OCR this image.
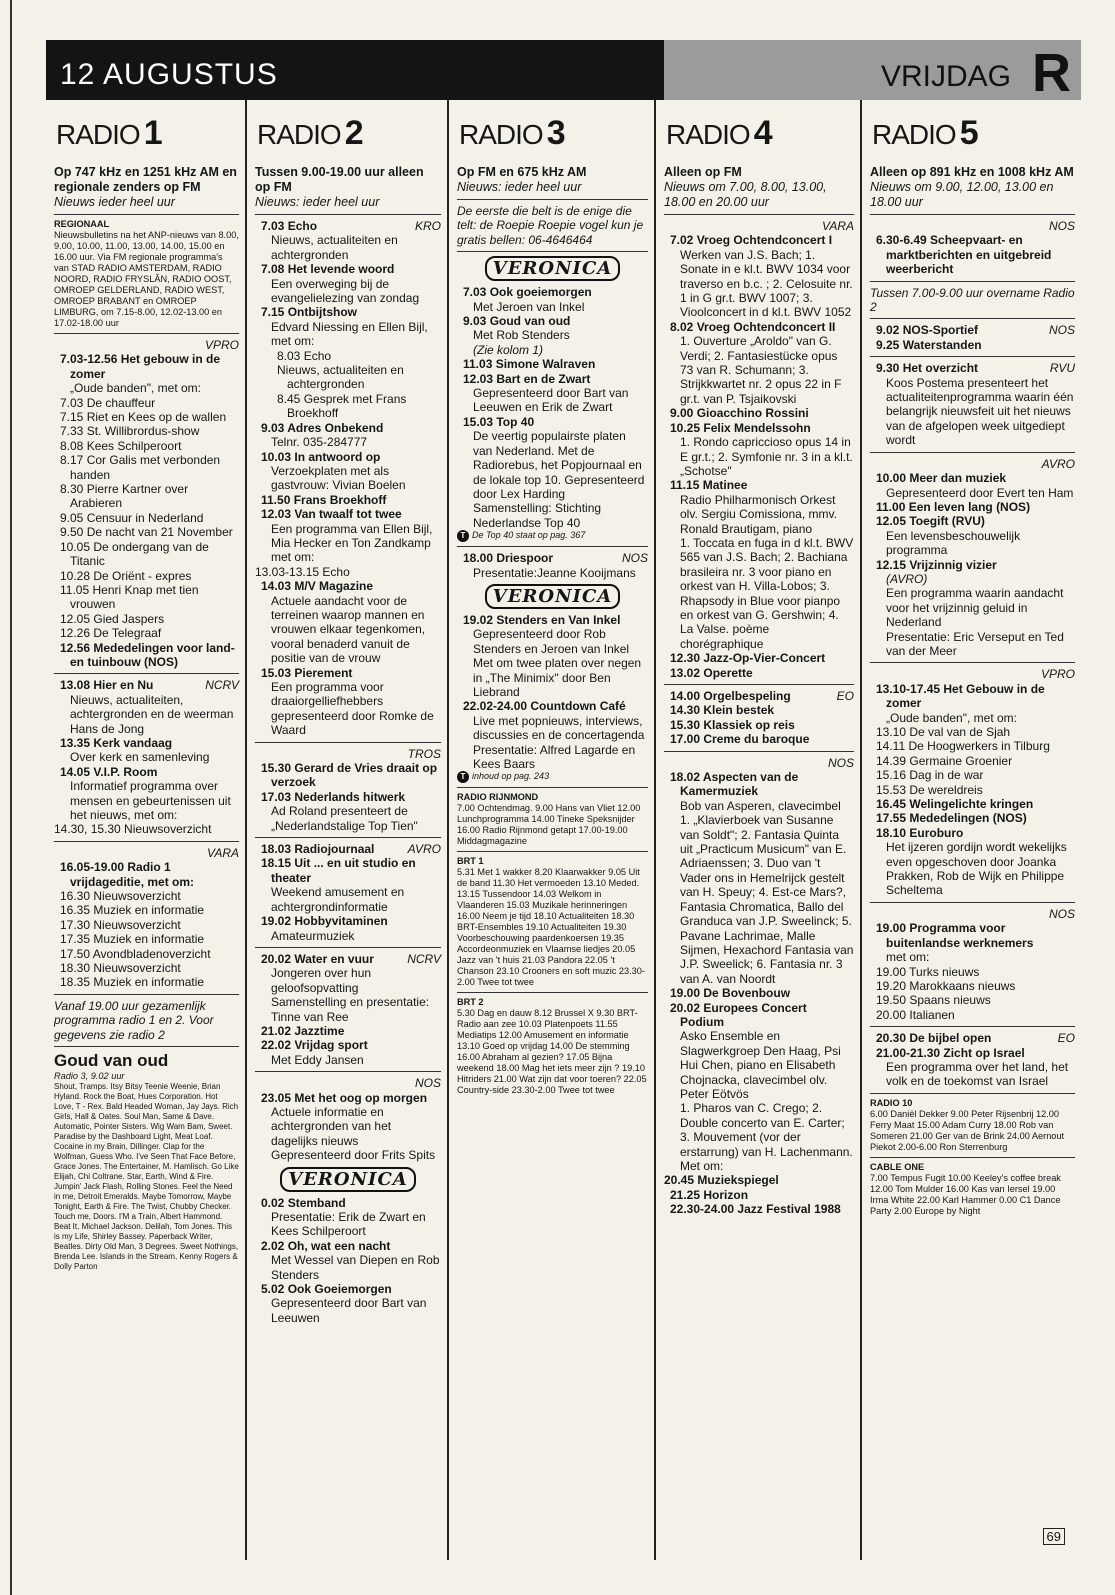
12 AUGUSTUS	VRIJDAG R
RADIO 1
Op 747 kHz en 1251 kHz AM en regionale zenders op FM
Nieuws ieder heel uur
REGIONAAL
Nieuwsbulletins na het ANP-nieuws van 8.00, 9.00, 10.00, 11.00, 13.00, 14.00, 15.00 en 16.00 uur. Via FM regionale programma's van STAD RADIO AMSTERDAM, RADIO NOORD, RADIO FRYSLÂN, RADIO OOST, OMROEP GELDERLAND, RADIO WEST, OMROEP BRABANT en OMROEP LIMBURG, om 7.15-8.00, 12.02-13.00 en 17.02-18.00 uur
VPRO
7.03-12.56 Het gebouw in de zomer
„Oude banden", met om:
7.03 De chauffeur
7.15 Riet en Kees op de wallen
7.33 St. Willibrordus-show
8.08 Kees Schilperoort
8.17 Cor Galis met verbonden handen
8.30 Pierre Kartner over Arabieren
9.05 Censuur in Nederland
9.50 De nacht van 21 November
10.05 De ondergang van de Titanic
10.28 De Oriënt - expres
11.05 Henri Knap met tien vrouwen
12.05 Gied Jaspers
12.26 De Telegraaf
12.56 Mededelingen voor land- en tuinbouw (NOS)
13.08 Hier en Nu	NCRV
Nieuws, actualiteiten, achtergronden en de weerman Hans de Jong
13.35 Kerk vandaag
Over kerk en samenleving
14.05 V.I.P. Room
Informatief programma over mensen en gebeurtenissen uit het nieuws, met om:
14.30, 15.30 Nieuwsoverzicht
VARA
16.05-19.00 Radio 1 vrijdageditie, met om:
16.30 Nieuwsoverzicht
16.35 Muziek en informatie
17.30 Nieuwsoverzicht
17.35 Muziek en informatie
17.50 Avondbladenoverzicht
18.30 Nieuwsoverzicht
18.35 Muziek en informatie
Vanaf 19.00 uur gezamenlijk programma radio 1 en 2. Voor gegevens zie radio 2
Goud van oud
Radio 3, 9.02 uur
Shout, Tramps. Itsy Bitsy Teenie Weenie, Brian Hyland. Rock the Boat, Hues Corporation. Hot Love, T - Rex. Bald Headed Woman, Jay Jays. Rich Girls, Hall & Oates. Soul Man, Same & Dave. Automatic, Pointer Sisters. Wig Wam Bam, Sweet. Paradise by the Dashboard Light, Meat Loaf. Cocaine in my Brain, Dillinger. Clap for the Wolfman, Guess Who. I've Seen That Face Before, Grace Jones. The Entertainer, M. Hamlisch. Go Like Elijah, Chi Coltrane. Star, Earth, Wind & Fire. Jumpin' Jack Flash, Rolling Stones. Feel the Need in me, Detroit Emeralds. Maybe Tomorrow, Maybe Tonight, Earth & Fire. The Twist, Chubby Checker. Touch me, Doors. I'M a Train, Albert Hammond. Beat It, Michael Jackson. Delilah, Tom Jones. This is my Life, Shirley Bassey. Paperback Writer, Beatles. Dirty Old Man, 3 Degrees. Sweet Nothings, Brenda Lee. Islands in the Stream, Kenny Rogers & Dolly Parton
RADIO 2
Tussen 9.00-19.00 uur alleen op FM
Nieuws: ieder heel uur
7.03 Echo	KRO
Nieuws, actualiteiten en achtergronden
7.08 Het levende woord
Een overweging bij de evangelielezing van zondag
7.15 Ontbijtshow
Edvard Niessing en Ellen Bijl, met om:
8.03 Echo
Nieuws, actualiteiten en achtergronden
8.45 Gesprek met Frans Broekhoff
9.03 Adres Onbekend
Telnr. 035-284777
10.03 In antwoord op
Verzoekplaten met als gastvrouw: Vivian Boelen
11.50 Frans Broekhoff
12.03 Van twaalf tot twee
Een programma van Ellen Bijl, Mia Hecker en Ton Zandkamp
met om:
13.03-13.15 Echo
14.03 M/V Magazine
Actuele aandacht voor de terreinen waarop mannen en vrouwen elkaar tegenkomen, vooral benaderd vanuit de positie van de vrouw
15.03 Pierement
Een programma voor draaiorgelliefhebbers gepresenteerd door Romke de Waard
TROS
15.30 Gerard de Vries draait op verzoek
17.03 Nederlands hitwerk
Ad Roland presenteert de „Nederlandstalige Top Tien"
18.03 Radiojournaal	AVRO
18.15 Uit ... en uit studio en theater
Weekend amusement en achtergrondinformatie
19.02 Hobbyvitaminen
Amateurmuziek
20.02 Water en vuur	NCRV
Jongeren over hun geloofsopvatting
Samenstelling en presentatie: Tinne van Ree
21.02 Jazztime
22.02 Vrijdag sport
Met Eddy Jansen
NOS
23.05 Met het oog op morgen
Actuele informatie en achtergronden van het dagelijks nieuws
Gepresenteerd door Frits Spits
VERONICA
0.02 Stemband
Presentatie: Erik de Zwart en Kees Schilperoort
2.02 Oh, wat een nacht
Met Wessel van Diepen en Rob Stenders
5.02 Ook Goeiemorgen
Gepresenteerd door Bart van Leeuwen
RADIO 3
Op FM en 675 kHz AM
Nieuws: ieder heel uur
De eerste die belt is de enige die telt: de Roepie Roepie vogel kun je gratis bellen: 06-4646464
VERONICA
7.03 Ook goeiemorgen
Met Jeroen van Inkel
9.03 Goud van oud
Met Rob Stenders
(Zie kolom 1)
11.03 Simone Walraven
12.03 Bart en de Zwart
Gepresenteerd door Bart van Leeuwen en Erik de Zwart
15.03 Top 40
De veertig populairste platen van Nederland. Met de Radiorebus, het Popjournaal en de lokale top 10. Gepresenteerd door Lex Harding
Samenstelling: Stichting Nederlandse Top 40
T De Top 40 staat op pag. 367
18.00 Driespoor	NOS
Presentatie:Jeanne Kooijmans
VERONICA
19.02 Stenders en Van Inkel
Gepresenteerd door Rob Stenders en Jeroen van Inkel
Met om twee platen over negen in „The Minimix" door Ben Liebrand
22.02-24.00 Countdown Café
Live met popnieuws, interviews, discussies en de concertagenda
Presentatie: Alfred Lagarde en Kees Baars
T inhoud op pag. 243
RADIO RIJNMOND
7.00 Ochtendmag. 9.00 Hans van Vliet 12.00 Lunchprogramma 14.00 Tineke Speksnijder 16.00 Radio Rijnmond getapt 17.00-19.00 Middagmagazine
BRT 1
5.31 Met 1 wakker 8.20 Klaarwakker 9.05 Uit de band 11.30 Het vermoeden 13.10 Meded. 13.15 Tussendoor 14.03 Welkom in Vlaanderen 15.03 Muzikale herinneringen 16.00 Neem je tijd 18.10 Actualiteiten 18.30 BRT-Ensembles 19.10 Actualiteiten 19.30 Voorbeschouwing paardenkoersen 19.35 Accordeonmuziek en Vlaamse liedjes 20.05 Jazz van 't huis 21.03 Pandora 22.05 't Chanson 23.10 Crooners en soft muzic 23.30-2.00 Twee tot twee
BRT 2
5.30 Dag en dauw 8.12 Brussel X 9.30 BRT-Radio aan zee 10.03 Platenpoets 11.55 Mediatips 12.00 Amusement en informatie 13.10 Goed op vrijdag 14.00 De stemming 16.00 Abraham al gezien? 17.05 Bijna weekend 18.00 Mag het iets meer zijn ? 19.10 Hitriders 21.00 Wat zijn dat voor toeren? 22.05 Country-side 23.30-2.00 Twee tot twee
RADIO 4
Alleen op FM
Nieuws om 7.00, 8.00, 13.00, 18.00 en 20.00 uur
VARA
7.02 Vroeg Ochtendconcert I
Werken van J.S. Bach; 1. Sonate in e kl.t. BWV 1034 voor traverso en b.c. ; 2. Celosuite nr. 1 in G gr.t. BWV 1007; 3. Vioolconcert in d kl.t. BWV 1052
8.02 Vroeg Ochtendconcert II
1. Ouverture „Aroldo" van G. Verdi; 2. Fantasiestücke opus 73 van R. Schumann; 3. Strijkkwartet nr. 2 opus 22 in F gr.t. van P. Tsjaikovski
9.00 Gioacchino Rossini
10.25 Felix Mendelssohn
1. Rondo capriccioso opus 14 in E gr.t.; 2. Symfonie nr. 3 in a kl.t. „Schotse"
11.15 Matinee
Radio Philharmonisch Orkest olv. Sergiu Comissiona, mmv. Ronald Brautigam, piano
1. Toccata en fuga in d kl.t. BWV 565 van J.S. Bach; 2. Bachiana brasileira nr. 3 voor piano en orkest van H. Villa-Lobos; 3. Rhapsody in Blue voor pianpo en orkest van G. Gershwin; 4. La Valse. poème chorégraphique
12.30 Jazz-Op-Vier-Concert
13.02 Operette
14.00 Orgelbespeling	EO
14.30 Klein bestek
15.30 Klassiek op reis
17.00 Creme du baroque
NOS
18.02 Aspecten van de Kamermuziek
Bob van Asperen, clavecimbel
1. „Klavierboek van Susanne van Soldt"; 2. Fantasia Quinta uit „Practicum Musicum" van E. Adriaenssen; 3. Duo van 't Vader ons in Hemelrijck gestelt van H. Speuy; 4. Est-ce Mars?, Fantasia Chromatica, Ballo del Granduca van J.P. Sweelinck; 5. Pavane Lachrimae, Malle Sijmen, Hexachord Fantasia van J.P. Sweelick; 6. Fantasia nr. 3 van A. van Noordt
19.00 De Bovenbouw
20.02 Europees Concert Podium
Asko Ensemble en Slagwerkgroep Den Haag, Psi Hui Chen, piano en Elisabeth Chojnacka, clavecimbel olv. Peter Eötvös
1. Pharos van C. Crego; 2. Double concerto van E. Carter; 3. Mouvement (vor der erstarrung) van H. Lachenmann. Met om:
20.45 Muziekspiegel
21.25 Horizon
22.30-24.00 Jazz Festival 1988
RADIO 5
Alleen op 891 kHz en 1008 kHz AM
Nieuws om 9.00, 12.00, 13.00 en 18.00 uur
NOS
6.30-6.49 Scheepvaart- en marktberichten en uitgebreid weerbericht
Tussen 7.00-9.00 uur overname Radio 2
9.02 NOS-Sportief	NOS
9.25 Waterstanden
9.30 Het overzicht	RVU
Koos Postema presenteert het actualiteitenprogramma waarin één belangrijk nieuwsfeit uit het nieuws van de afgelopen week uitgediept wordt
AVRO
10.00 Meer dan muziek
Gepresenteerd door Evert ten Ham
11.00 Een leven lang (NOS)
12.05 Toegift (RVU)
Een levensbeschouwelijk programma
12.15 Vrijzinnig vizier
(AVRO)
Een programma waarin aandacht voor het vrijzinnig geluid in Nederland
Presentatie: Eric Verseput en Ted van der Meer
VPRO
13.10-17.45 Het Gebouw in de zomer
„Oude banden", met om:
13.10 De val van de Sjah
14.11 De Hoogwerkers in Tilburg
14.39 Germaine Groenier
15.16 Dag in de war
15.53 De wereldreis
16.45 Welingelichte kringen
17.55 Mededelingen (NOS)
18.10 Euroburo
Het ijzeren gordijn wordt wekelijks even opgeschoven door Joanka Prakken, Rob de Wijk en Philippe Scheltema
NOS
19.00 Programma voor buitenlandse werknemers
met om:
19.00 Turks nieuws
19.20 Marokkaans nieuws
19.50 Spaans nieuws
20.00 Italianen
20.30 De bijbel open	EO
21.00-21.30 Zicht op Israel
Een programma over het land, het volk en de toekomst van Israel
RADIO 10
6.00 Daniël Dekker 9.00 Peter Rijsenbrij 12.00 Ferry Maat 15.00 Adam Curry 18.00 Rob van Someren 21.00 Ger van de Brink 24.00 Aernout Piekot 2.00-6.00 Ron Sterrenburg
CABLE ONE
7.00 Tempus Fugit 10.00 Keeley's coffee break 12.00 Tom Mulder 16.00 Kas van Iersel 19.00 Irma White 22.00 Karl Hammer 0.00 C1 Dance Party 2.00 Europe by Night
69
